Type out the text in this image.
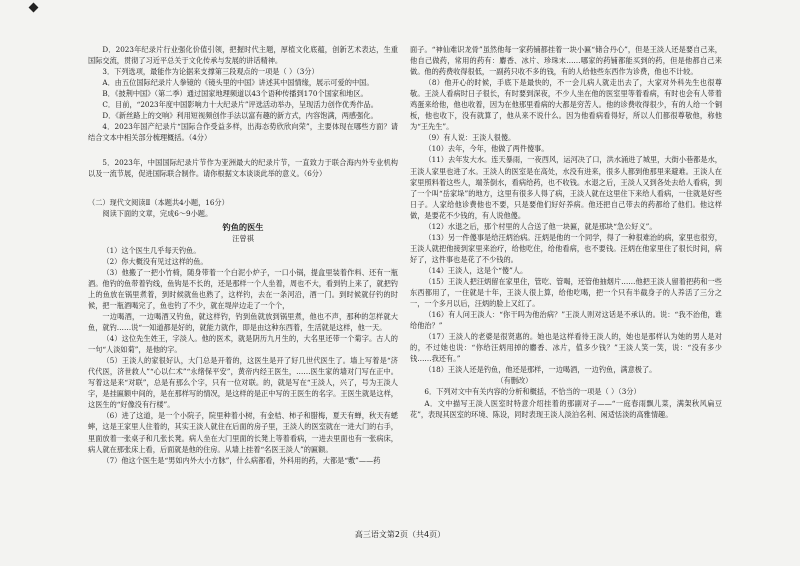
D．2023年纪录片行业强化价值引领，把握时代主题，厚植文化底蕴，创新艺术表达，生重国际交流，贯彻了习近平总关于文化传承与发展的讲话精神。

3．下列选项，最能作为论据来支撑第三段观点的一项是（ ）（3分）

A．由五位国际纪录片人拳镜的《镜头里的中国》讲述其中国情缘，展示可爱的中国。

B．《披荆中国》（第二季）通过国家地理频道以43个语种传播到170个国家和地区。

C．目前，“2023年度中国影响力十大纪录片”评选活动举办，呈现活力创作优秀作品。

D．《新丝路上的交响》利用短视频创作手法以富有趣的新方式，内容饱满，两感强化。

4．2023年国产纪录片“国际合作受益多样，出海态势欣欣向荣”，主要体现在哪些方面？请结合文本中相关部分梳理概括。（4分）

5．2023年，中国国际纪录片节作为亚洲最大的纪录片节，一直致力于联合海内外专业机构以及一流节展，促进国际联合制作。请你根据文本谈谈此举的意义。（6分）

（二）现代文阅读Ⅱ（本题共4小题，16分）

阅读下面的文章，完成6～9小题。

钓鱼的医生

汪曾祺

（1）这个医生几乎每天钓鱼。

（2）你大概没有见过这样的鱼。

（3）他搬了一把小竹椅，随身带着一个白泥小炉子，一口小锅，提盒里装着作料、还有一瓶酒。他钓的鱼带着钓线，鱼钩是不长的，还是那样一个人坐着，周也不大，看到钓上来了，就把钓上的鱼放在锅里煮着，到时候就鱼也熟了，这样钓，去在一条河沿，酒一门。到时候就仔钓的时候，把一瓶酒喝完了，鱼也钓了不少，就在堤岸边走了一个个，

一边喝酒，一边喝酒又钓鱼，就这样钓，钓到鱼就放到锅里煮，他也不声，那种的怎样就大鱼，就钓……说“一知道都是好的，就能力就作，即是由这种东西着，生活就是这样，他一天。

（4）这位先生姓王，字淡人。他的医术，就是阴历九月生的，大名里还带一个菊字。古人的一句“人淡如菊”，是他的字。

（5）王淡人的家很好认，大门总是开着的，这医生是开了好几世代医生了。墙上写着是“济代代医，济世救人”“心以仁术”“永绪保平安”，黄帝内经王医生，……医生家的墙对门写在正中。写着这是来“对联”，总是有那么个字，只有一位对联。的，就是写在“王淡人，兴了，号为王淡人字，是挂匾额中间的，是在那样写的情况，是这样的是正中写的王医生的名字。王医生就是这样，这医生的“好像没有行楼”。

（6）进了这道，是一个小院子，院里种着小树，有金桔、柿子和腊梅，夏天有蝉，秋天有蟋蟀，这是王家里人住着的，其实王淡人就住在后面的房子里，王淡人的医室就在一进大门的右手，里面放着一张桌子和几张长凳。病人坐在大门里面的长凳上等着看病，一进去里面也有一张病床，病人就在那张床上看，后面就是他的住房。从墙上挂着“名医王淡人”的匾额。

（7）他这个医生是“男如内外大小方脉”，什么病都看，外科用的药，大都是“敷”——药

面子。“神仙难识龙骨”虽然他每一家药铺都挂着一块小匾“储合丹心”，但是王淡人还是要自己来，他自己做药，常用的药有：麝香、冰片、珍珠末……哪家的药铺都能买到的药，但是他都自己来做。他的药费收得很低，一副药只收不多的钱，有的人给他些东西作为诊费，他也不计较。

（8）他开心的时候，手底下是最快的，不一会儿病人就走出去了，大家对外科先生也很尊敬。王淡人看病时日子很长，有时要到深夜，不少人坐在他的医室里等着看病，有时也会有人带着鸡蛋来给他，他也收着，因为在他那里看病的大都是穷苦人。他的诊费收得很少，有的人给一个铜板，他也收下，没有就算了，他从来不说什么。因为他看病看得好，所以人们都很尊敬他，称他为“王先生”。

（9）有人说：王淡人很傻。

（10）去年，今年，他做了两件傻事。

（11）去年发大水。连天暴雨，一夜西风，运河决了口，洪水涌进了城里，大街小巷都是水，王淡人家里也进了水。王淡人的医室是在高处，水没有进来，很多人都到他那里来避难。王淡人在家里照料着这些人，端茶倒水，看病给药，也不收钱。水退之后，王淡人又到各处去给人看病，到了一个叫“岳家垛”的地方，这里有很多人得了病，王淡人就在这里住下来给人看病，一住就是好些日子。人家给他诊费他也不要，只是要他们好好养病。他还把自己带去的药都给了他们。他这样做，是要花不少钱的，有人说他傻。

（12）水退之后，那个村里的人合送了他一块匾，就是那块“急公好义”。

（13）另一件傻事是给汪炳治病。汪炳是他的一个同学，得了一种很难治的病，家里也很穷，王淡人就把他接到家里来治疗，给他吃住，给他看病，也不要钱。汪炳在他家里住了很长时间，病好了，这件事也是花了不少钱的。

（14）王淡人，这是个“傻”人。

（15）王淡人把汪炳留在家里住，管吃、管喝，还管他抽烟片……他把王淡人留着把药和一些东西都用了，一住就是十年，王淡人很上算，给他吃喝，把一个只有半截身子的人养活了三分之一，一个多月以后，汪炳的脸上又红了。

（16）有人问王淡人：“你干吗为他治病？”王淡人则对这话是不承认的。说：“我不治他，谁给他治？”

（17）王淡人的老婆是很贤惠的。她也是这样看待王淡人的，她也是那样认为她的男人是对的，不过她也说：“你给汪炳用掉的麝香、冰片，值多少钱？”王淡人笑一笑，说：“没有多少钱……我还有。”

（18）王淡人还是钓鱼，他还是那样，一边喝酒，一边钓鱼，满意极了。

（有删改）

6．下列对文中有关内容的分析和概括，不恰当的一项是（ ）（3分）

A．文中描写王淡人医室时特意介绍挂着的那副对子——“一庭春雨飘儿菜，满架秋风扁豆花”，表现其医室的环境、陈设，同时表现王淡人淡泊名利、闲适恬淡的高雅情趣。

高三语文第2页（共4页）
